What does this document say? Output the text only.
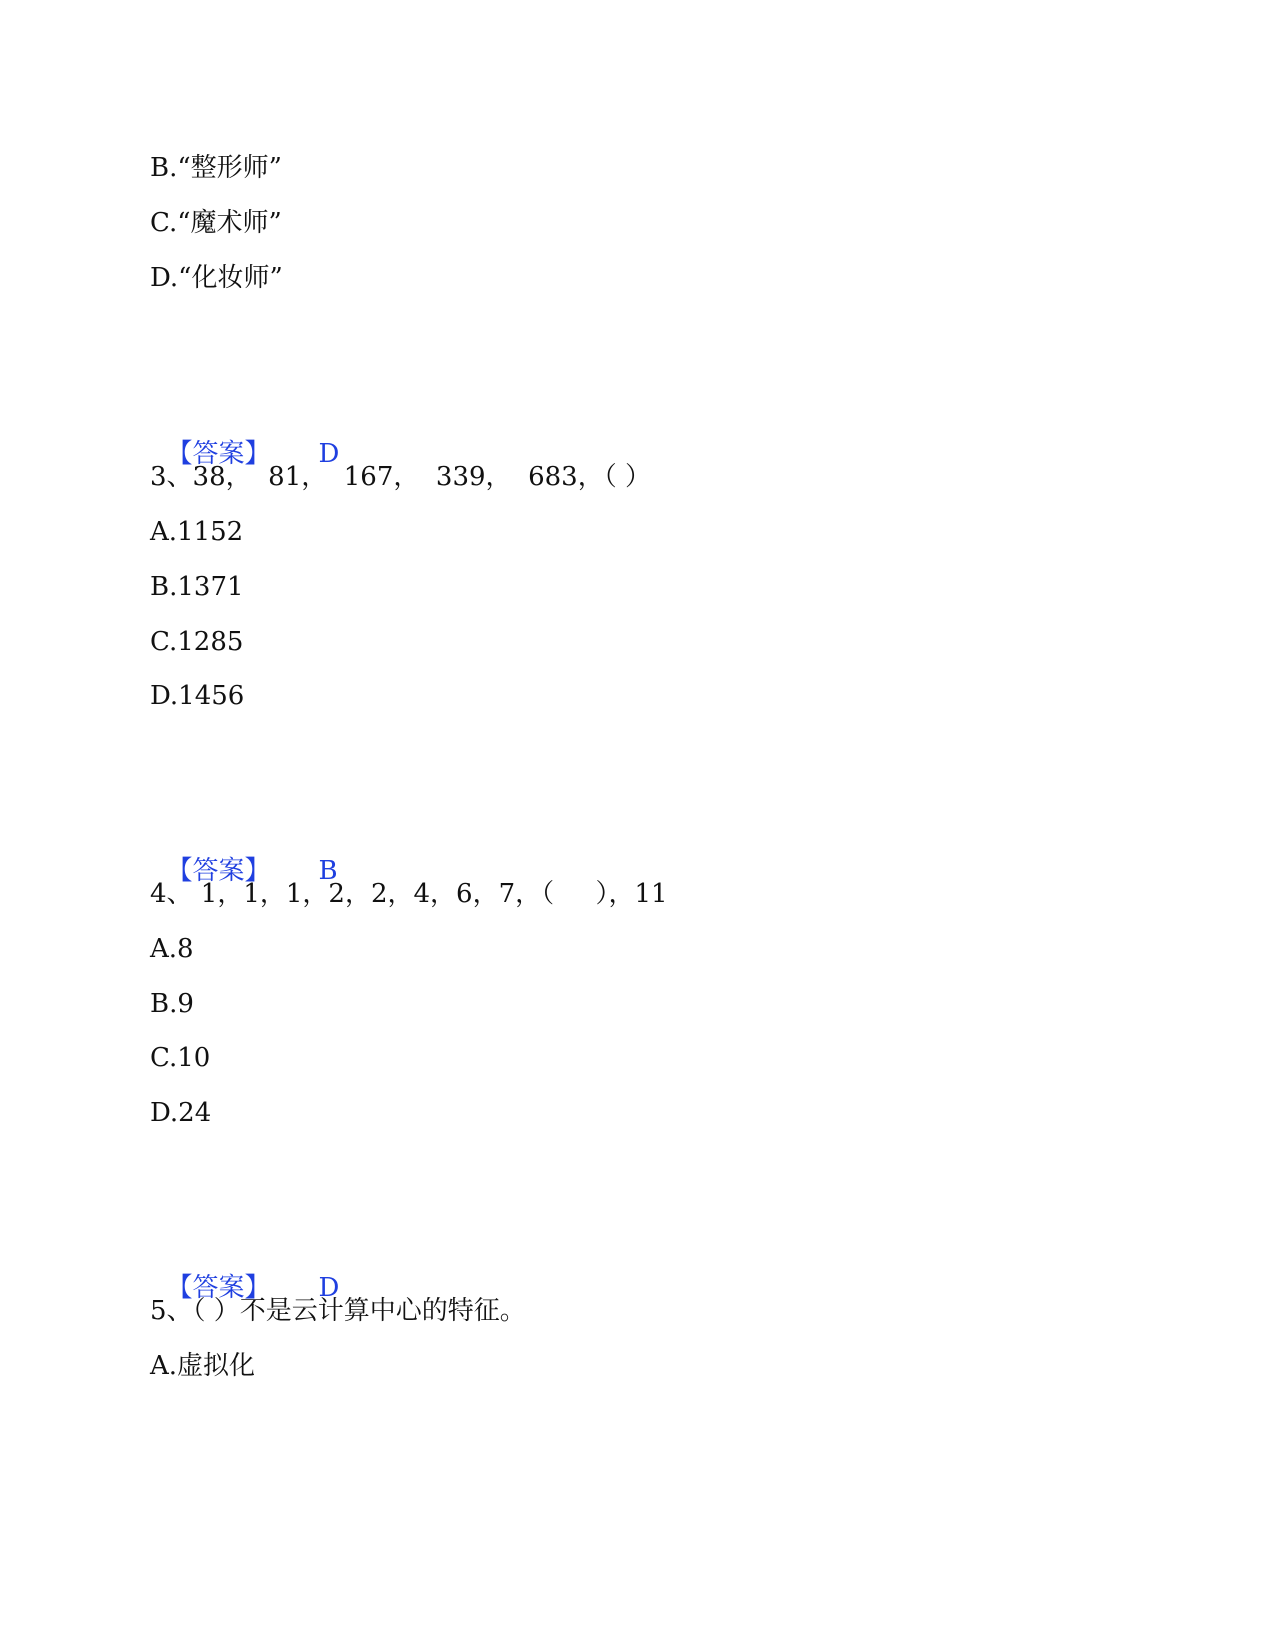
B.“整形师”
C.“魔术师”
D.“化妆师”

【答案】 D

3、38，  81，  167，  339，  683，（ ）
A.1152
B.1371
C.1285
D.1456

【答案】 B

4、 1，1，1，2，2，4，6，7，（     ），11
A.8
B.9
C.10
D.24

【答案】 D

5、（ ）不是云计算中心的特征。
A.虚拟化
